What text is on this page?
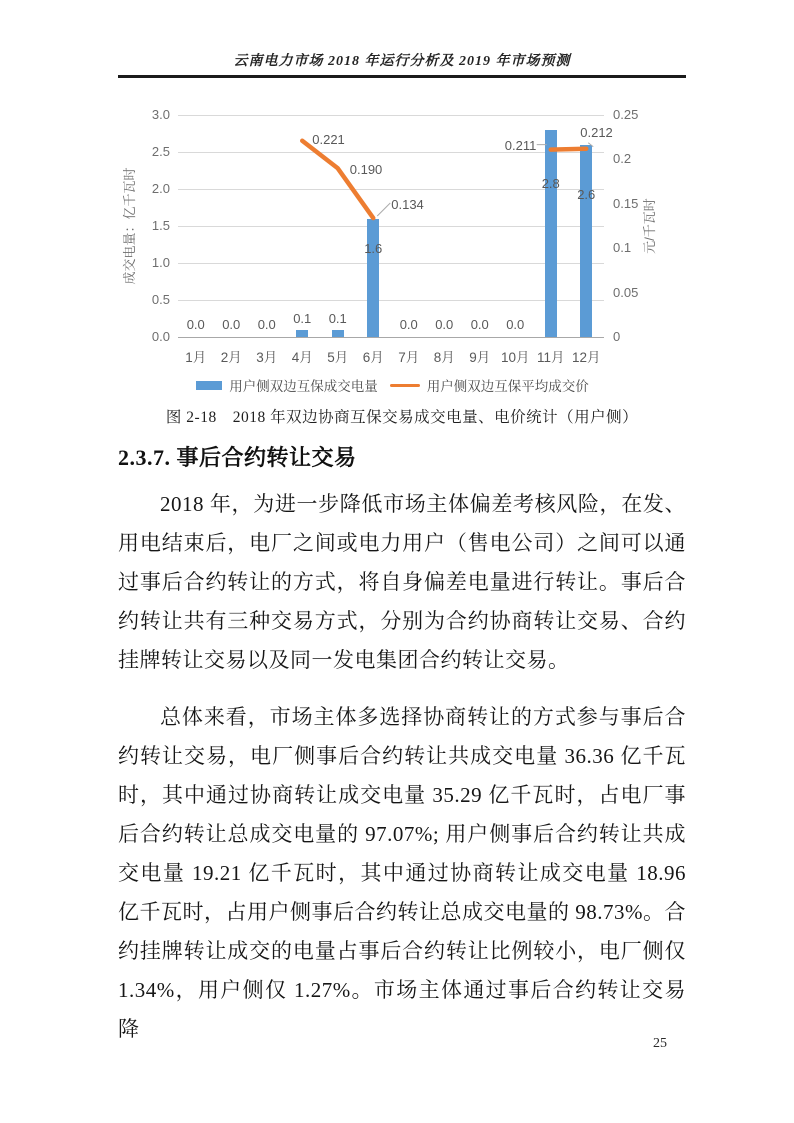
云南电力市场 2018 年运行分析及 2019 年市场预测
成交电量：亿千瓦时	元/千瓦时
用户侧双边互保成交电量	用户侧双边互保平均成交价
3.0
2.5
2.0
1.5
1.0
0.5
0.0
0.25
0.2
0.15
0.1
0.05
0
1月	2月	3月	4月	5月	6月	7月	8月	9月 10月 11月 12月
0.0	0.0	0.0	0.1	0.1
1.6
0.0	0.0	0.0	0.0
2.8
2.6
0.221
0.190
0.134
0.211
0.212
图 2-18　2018 年双边协商互保交易成交电量、电价统计（用户侧）
2.3.7. 事后合约转让交易

2018 年，为进一步降低市场主体偏差考核风险，在发、用电结束后，电厂之间或电力用户（售电公司）之间可以通过事后合约转让的方式，将自身偏差电量进行转让。事后合约转让共有三种交易方式，分别为合约协商转让交易、合约挂牌转让交易以及同一发电集团合约转让交易。

总体来看，市场主体多选择协商转让的方式参与事后合约转让交易，电厂侧事后合约转让共成交电量 36.36 亿千瓦时，其中通过协商转让成交电量 35.29 亿千瓦时，占电厂事后合约转让总成交电量的 97.07%; 用户侧事后合约转让共成交电量 19.21 亿千瓦时，其中通过协商转让成交电量 18.96 亿千瓦时，占用户侧事后合约转让总成交电量的 98.73%。合约挂牌转让成交的电量占事后合约转让比例较小，电厂侧仅 1.34%，用户侧仅 1.27%。市场主体通过事后合约转让交易降

25
